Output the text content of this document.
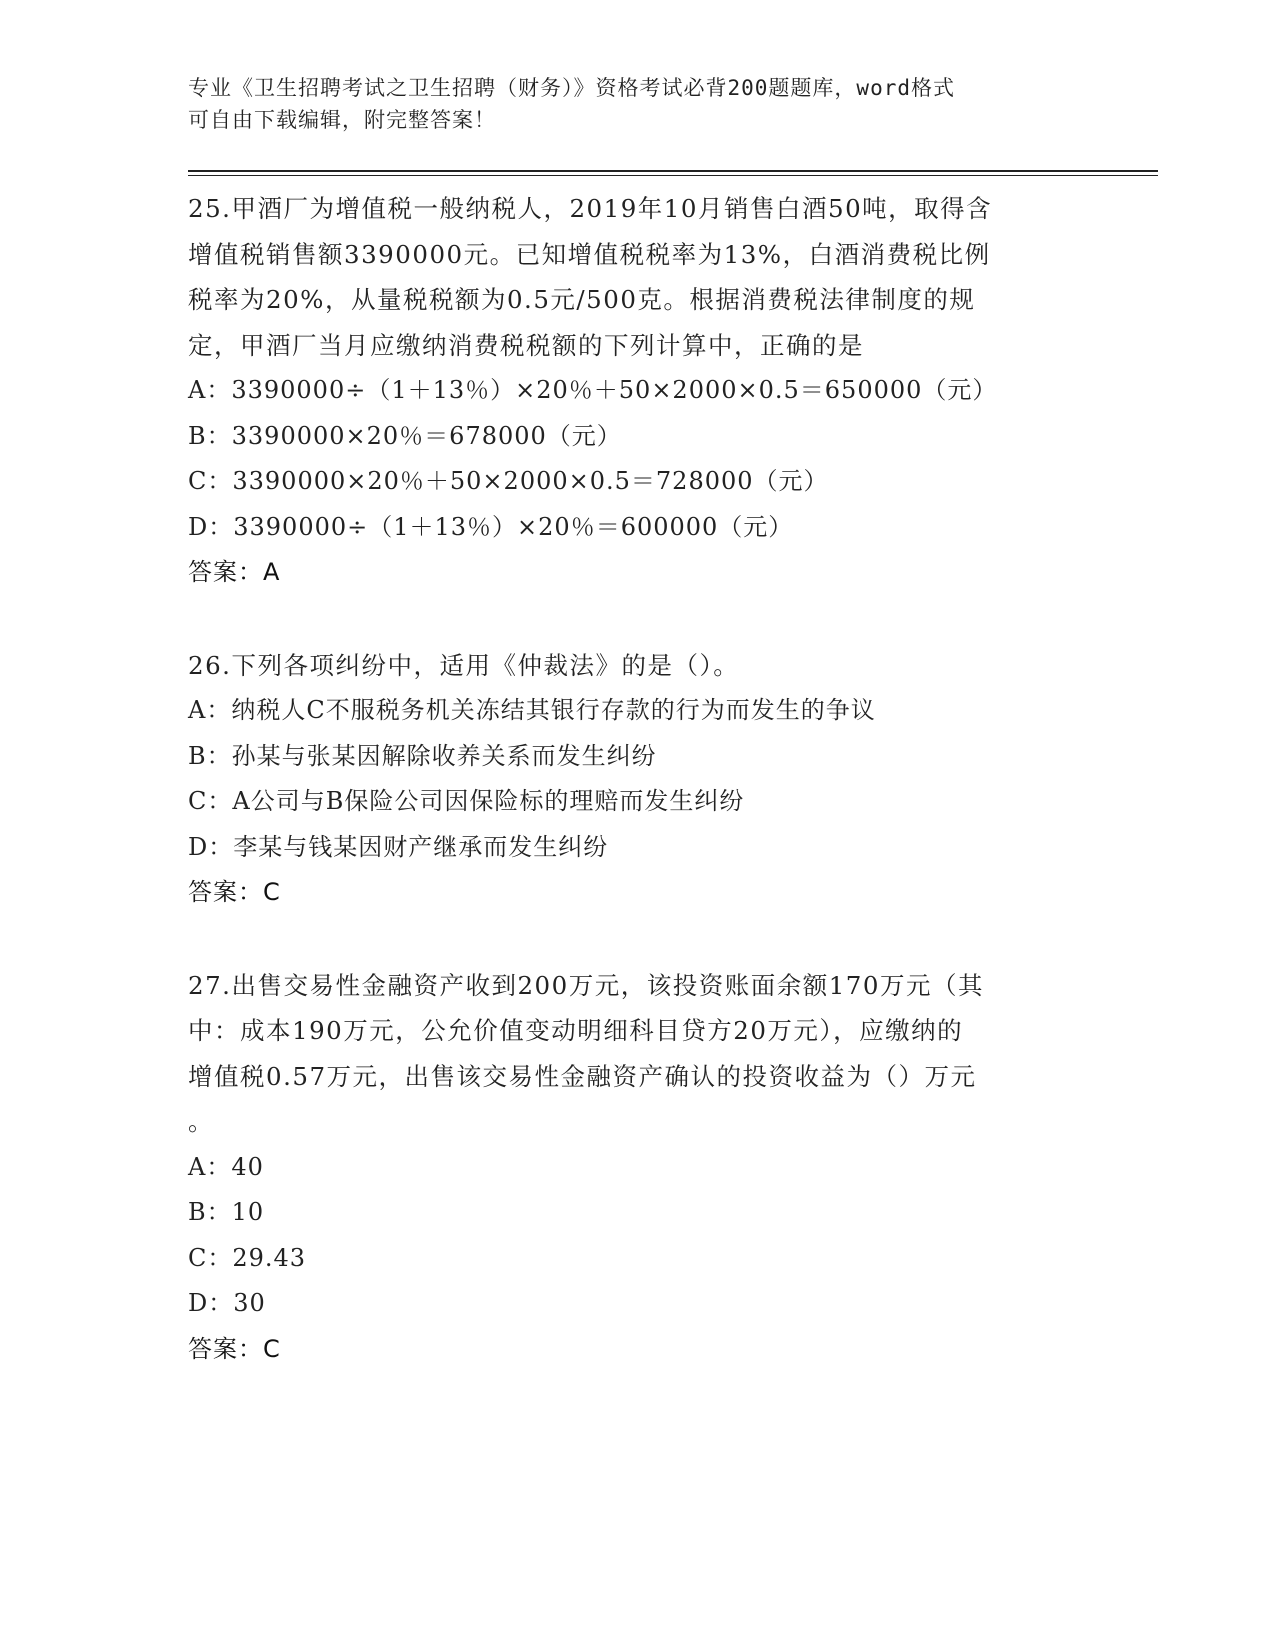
专业《卫生招聘考试之卫生招聘（财务）》资格考试必背200题题库，word格式
可自由下载编辑，附完整答案！
25.甲酒厂为增值税一般纳税人，2019年10月销售白酒50吨，取得含
增值税销售额3390000元。已知增值税税率为13%，白酒消费税比例
税率为20%，从量税税额为0.5元/500克。根据消费税法律制度的规
定，甲酒厂当月应缴纳消费税税额的下列计算中，正确的是
A：3390000÷（1＋13％）×20％＋50×2000×0.5＝650000（元）
B：3390000×20％＝678000（元）
C：3390000×20％＋50×2000×0.5＝728000（元）
D：3390000÷（1＋13％）×20％＝600000（元）
答案：A
26.下列各项纠纷中，适用《仲裁法》的是（）。
A：纳税人C不服税务机关冻结其银行存款的行为而发生的争议
B：孙某与张某因解除收养关系而发生纠纷
C：A公司与B保险公司因保险标的理赔而发生纠纷
D：李某与钱某因财产继承而发生纠纷
答案：C
27.出售交易性金融资产收到200万元，该投资账面余额170万元（其
中：成本190万元，公允价值变动明细科目贷方20万元），应缴纳的
增值税0.57万元，出售该交易性金融资产确认的投资收益为（）万元
。
A：40
B：10
C：29.43
D：30
答案：C
